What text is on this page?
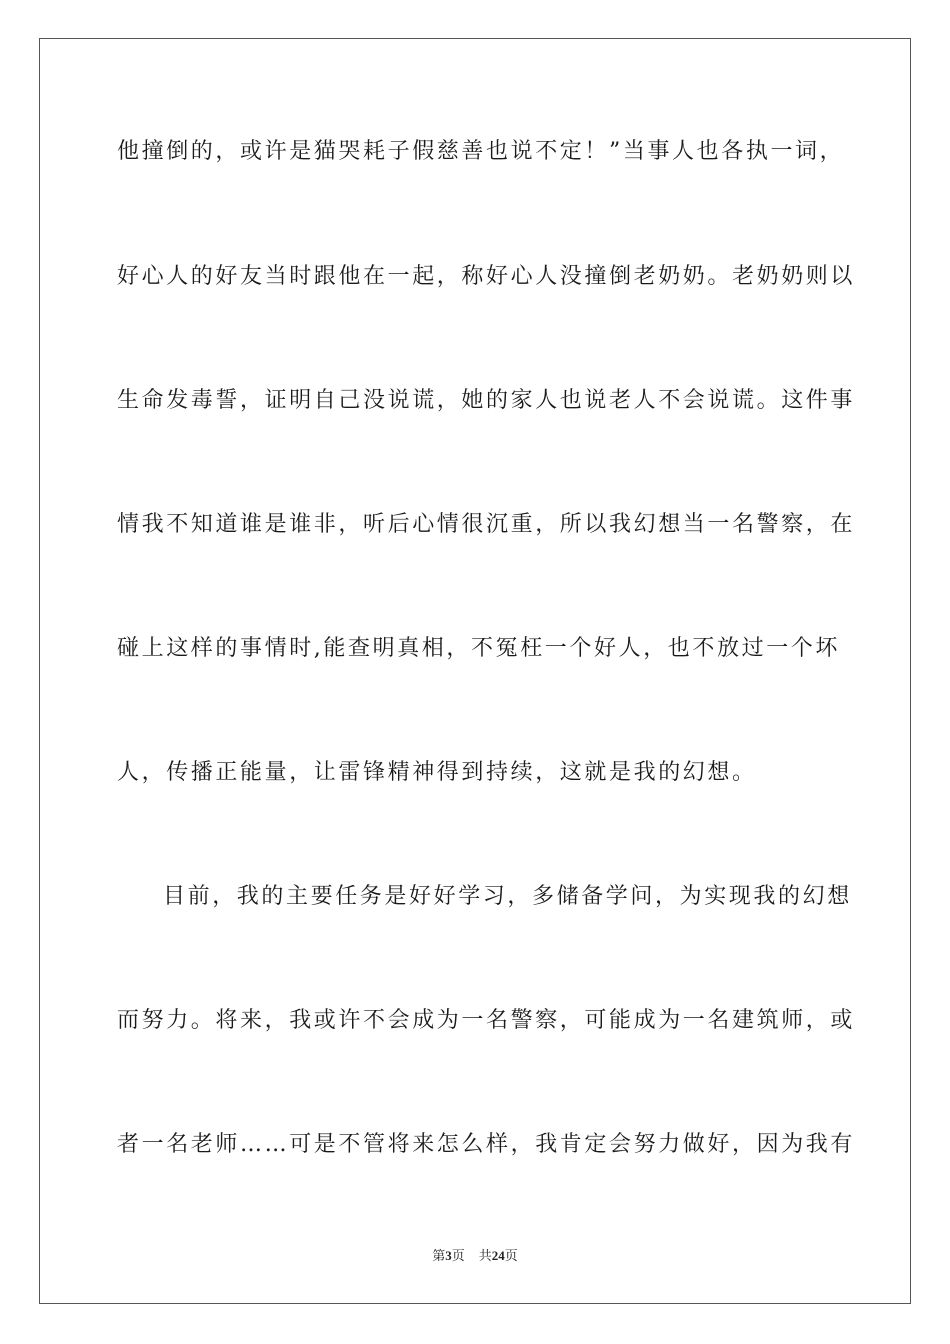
他撞倒的，或许是猫哭耗子假慈善也说不定！”当事人也各执一词，
好心人的好友当时跟他在一起，称好心人没撞倒老奶奶。老奶奶则以
生命发毒誓，证明自己没说谎，她的家人也说老人不会说谎。这件事
情我不知道谁是谁非，听后心情很沉重，所以我幻想当一名警察，在
碰上这样的事情时,能查明真相，不冤枉一个好人，也不放过一个坏
人，传播正能量，让雷锋精神得到持续，这就是我的幻想。
目前，我的主要任务是好好学习，多储备学问，为实现我的幻想
而努力。将来，我或许不会成为一名警察，可能成为一名建筑师，或
者一名老师……可是不管将来怎么样，我肯定会努力做好，因为我有
第3页 共24页
